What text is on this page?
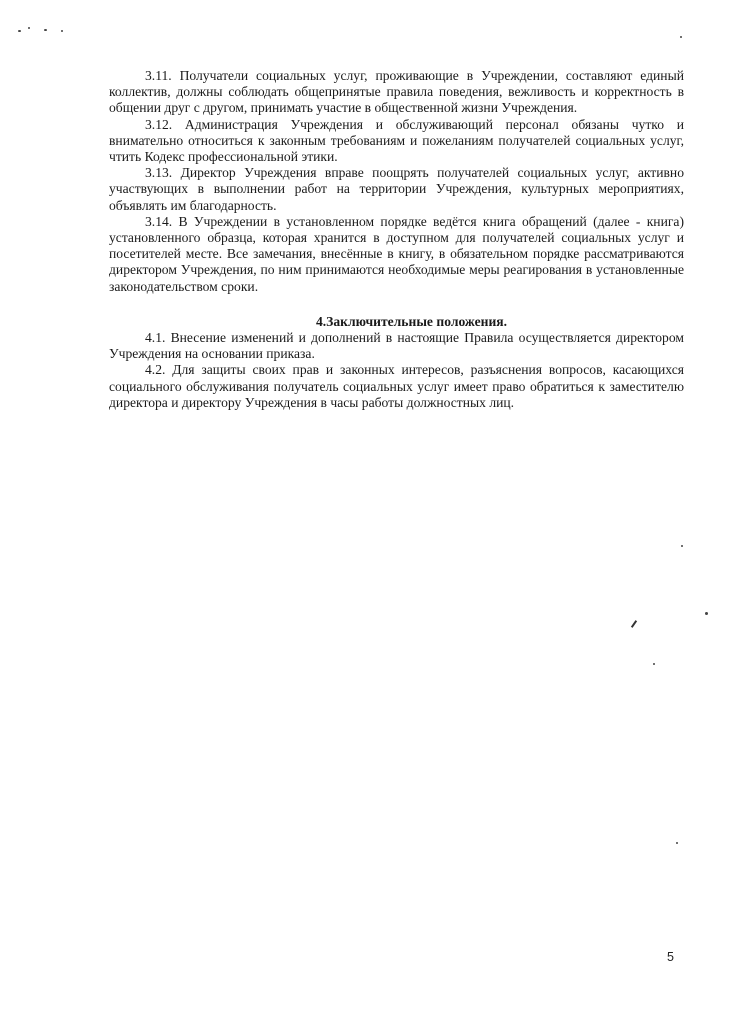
3.11. Получатели социальных услуг, проживающие в Учреждении, составляют единый коллектив, должны соблюдать общепринятые правила поведения, вежливость и корректность в общении друг с другом, принимать участие в общественной жизни Учреждения.

3.12. Администрация Учреждения и обслуживающий персонал обязаны чутко и внимательно относиться к законным требованиям и пожеланиям получателей социальных услуг, чтить Кодекс профессиональной этики.

3.13. Директор Учреждения вправе поощрять получателей социальных услуг, активно участвующих в выполнении работ на территории Учреждения, культурных мероприятиях, объявлять им благодарность.

3.14. В Учреждении в установленном порядке ведётся книга обращений (далее - книга) установленного образца, которая хранится в доступном для получателей социальных услуг и посетителей месте. Все замечания, внесённые в книгу, в обязательном порядке рассматриваются директором Учреждения, по ним принимаются необходимые меры реагирования в установленные законодательством сроки.

4.Заключительные положения.

4.1. Внесение изменений и дополнений в настоящие Правила осуществляется директором Учреждения на основании приказа.

4.2. Для защиты своих прав и законных интересов, разъяснения вопросов, касающихся социального обслуживания получатель социальных услуг имеет право обратиться к заместителю директора и директору Учреждения в часы работы должностных лиц.

5
